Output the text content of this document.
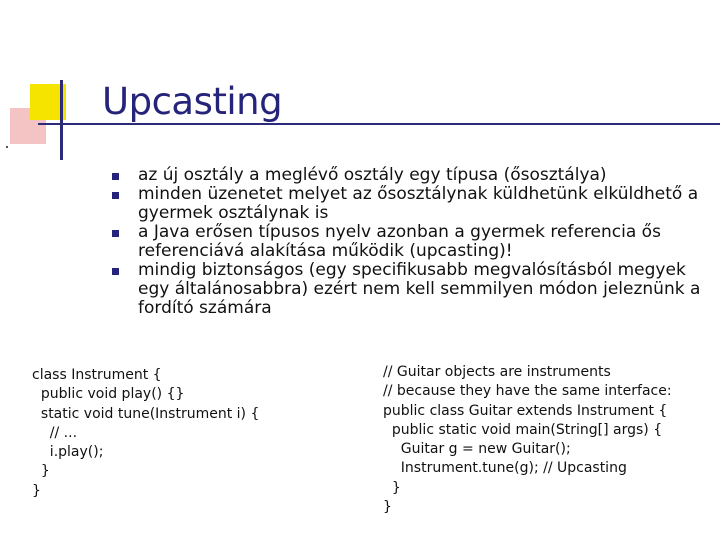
Upcasting
az új osztály a meglévő osztály egy típusa (ősosztálya)
minden üzenetet melyet az ősosztálynak küldhetünk elküldhető a gyermek osztálynak is
a Java erősen típusos nyelv azonban a gyermek referencia ős referenciává alakítása működik (upcasting)!
mindig biztonságos (egy specifikusabb megvalósításból megyek egy általánosabbra) ezért nem kell semmilyen módon jeleznünk a fordító számára
class Instrument {
public void play() {}
static void tune(Instrument i) {
// ...
i.play();
}
}
// Guitar objects are instruments
// because they have the same interface:
public class Guitar extends Instrument {
public static void main(String[] args) {
Guitar g = new Guitar();
Instrument.tune(g); // Upcasting
}
}
